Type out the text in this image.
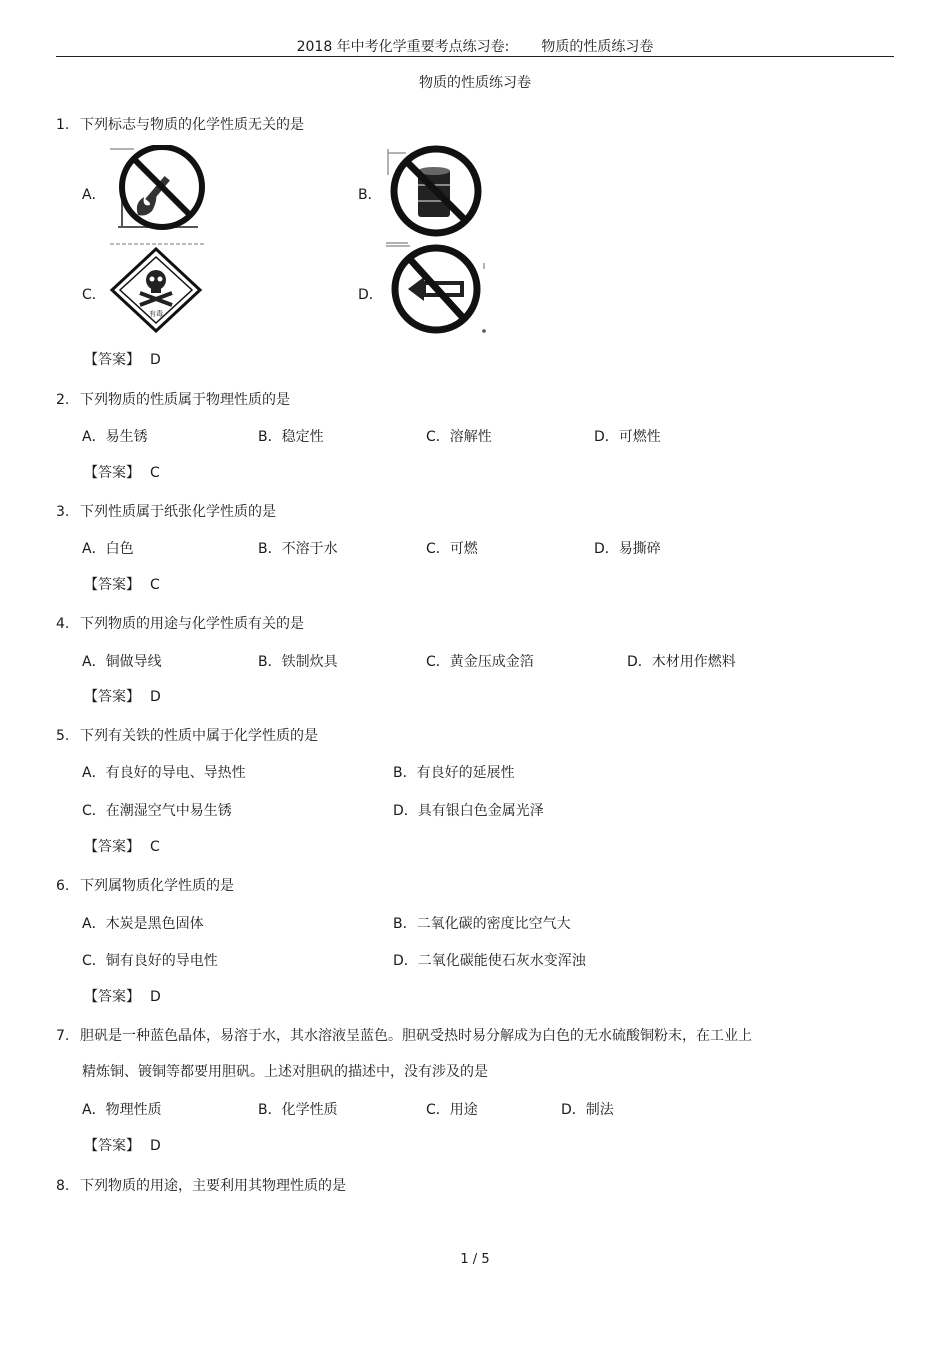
2018 年中考化学重要考点练习卷: 物质的性质练习卷
物质的性质练习卷
1. 下列标志与物质的化学性质无关的是
A．	B．
C．	D．
有毒
【答案】 D
2. 下列物质的性质属于物理性质的是
A．易生锈	B．稳定性	C．溶解性	D．可燃性
【答案】 C
3. 下列性质属于纸张化学性质的是
A．白色	B．不溶于水	C．可燃	D．易撕碎
【答案】 C
4. 下列物质的用途与化学性质有关的是
A．铜做导线	B．铁制炊具	C．黄金压成金箔	D．木材用作燃料
【答案】 D
5. 下列有关铁的性质中属于化学性质的是
A．有良好的导电、导热性	B．有良好的延展性
C．在潮湿空气中易生锈	D．具有银白色金属光泽
【答案】 C
6. 下列属物质化学性质的是
A．木炭是黑色固体	B．二氧化碳的密度比空气大
C．铜有良好的导电性	D．二氧化碳能使石灰水变浑浊
【答案】 D
7. 胆矾是一种蓝色晶体，易溶于水，其水溶液呈蓝色。胆矾受热时易分解成为白色的无水硫酸铜粉末，在工业上
精炼铜、镀铜等都要用胆矾。上述对胆矾的描述中，没有涉及的是
A．物理性质	B．化学性质	C．用途	D．制法
【答案】 D
8. 下列物质的用途，主要利用其物理性质的是
1 / 5
